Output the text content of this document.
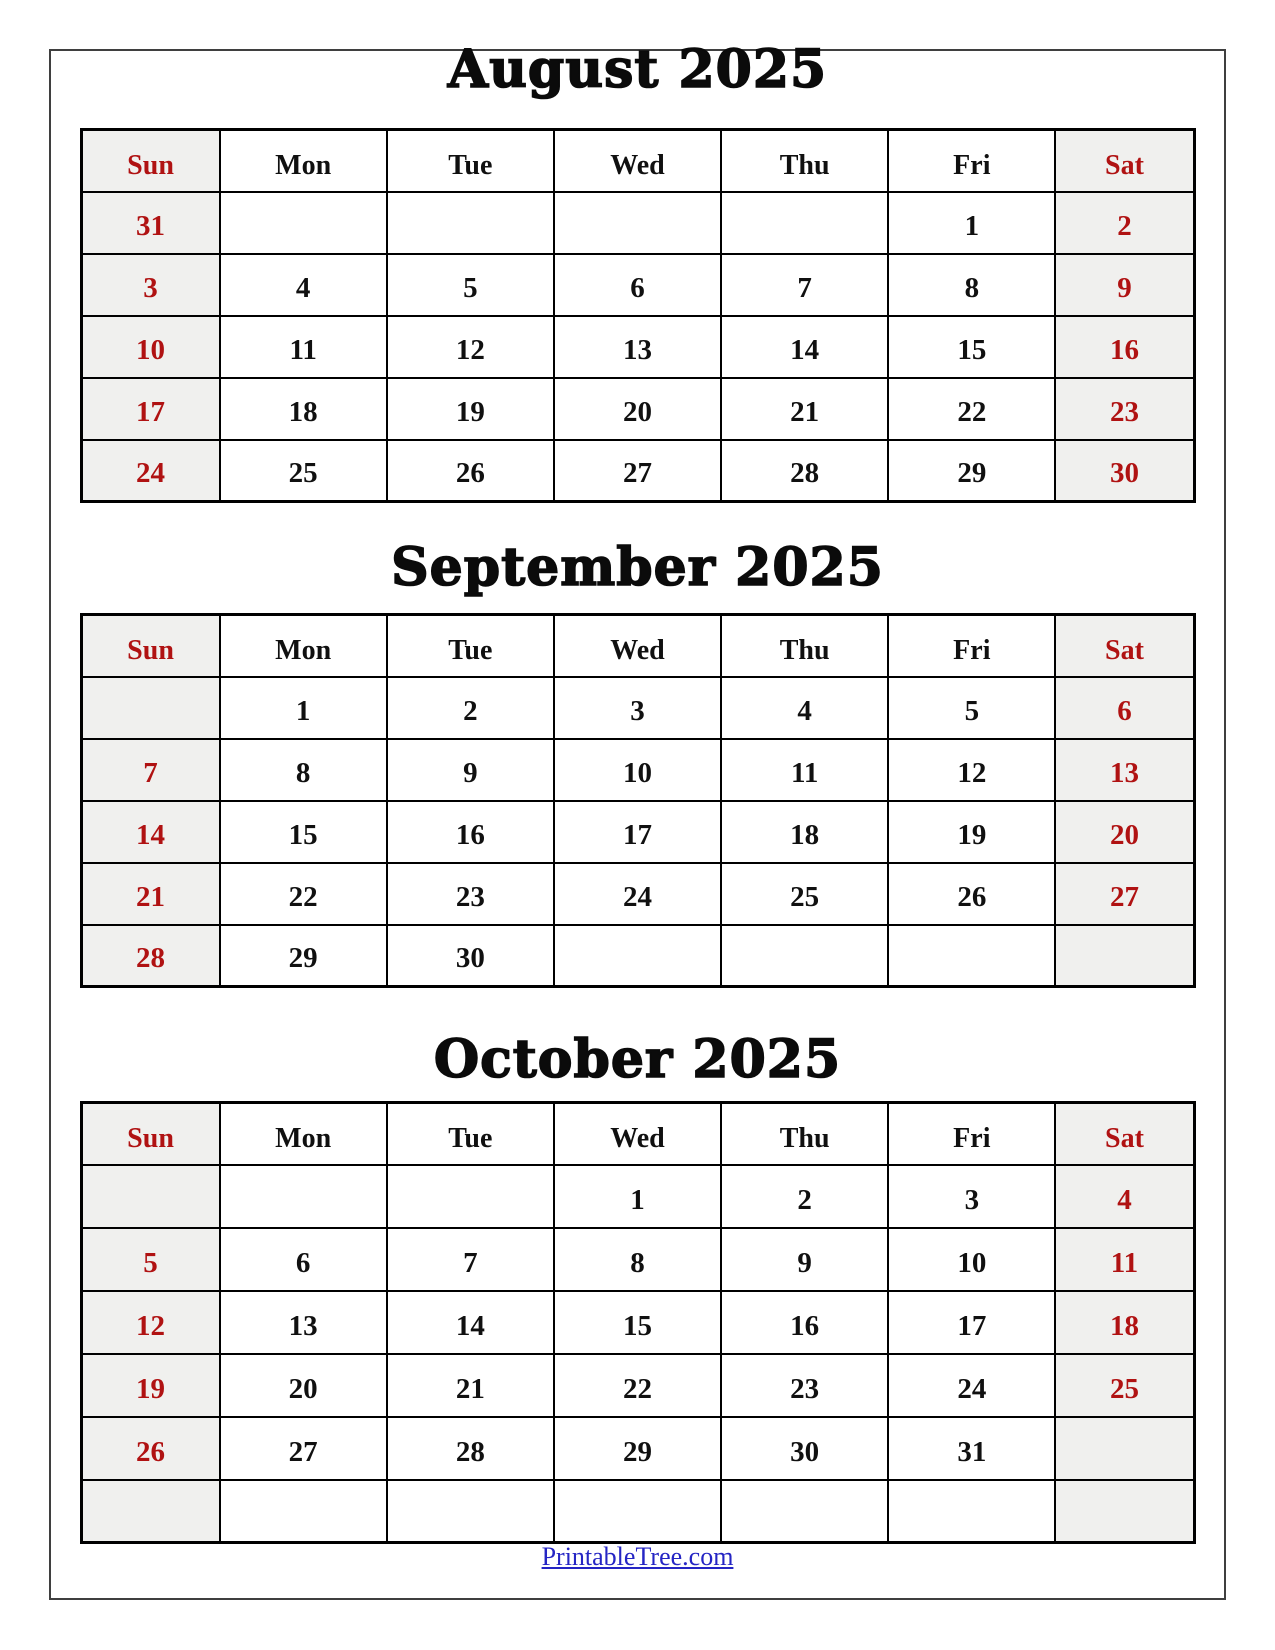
August 2025
Sun	Mon	Tue	Wed	Thu	Fri	Sat
31					1	2
3	4	5	6	7	8	9
10	11	12	13	14	15	16
17	18	19	20	21	22	23
24	25	26	27	28	29	30
September 2025
Sun	Mon	Tue	Wed	Thu	Fri	Sat
	1	2	3	4	5	6
7	8	9	10	11	12	13
14	15	16	17	18	19	20
21	22	23	24	25	26	27
28	29	30				
October 2025
Sun	Mon	Tue	Wed	Thu	Fri	Sat
			1	2	3	4
5	6	7	8	9	10	11
12	13	14	15	16	17	18
19	20	21	22	23	24	25
26	27	28	29	30	31	

PrintableTree.com
